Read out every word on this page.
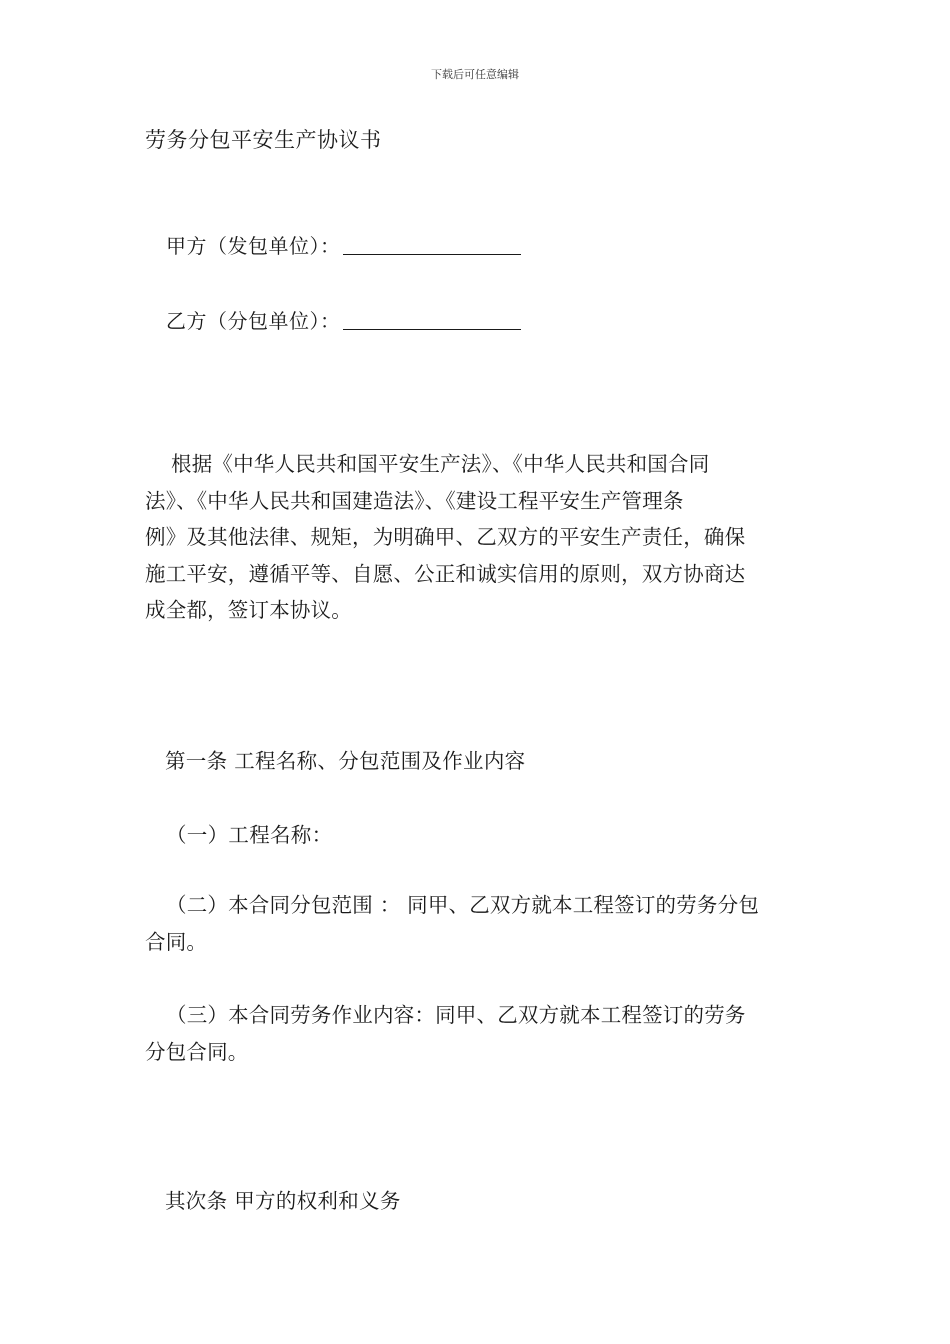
下载后可任意编辑
劳务分包平安生产协议书
甲方（发包单位）：
乙方（分包单位）：
根据《中华人民共和国平安生产法》、《中华人民共和国合同
法》、《中华人民共和国建造法》、《建设工程平安生产管理条
例》及其他法律、规矩，为明确甲、乙双方的平安生产责任，确保
施工平安，遵循平等、自愿、公正和诚实信用的原则，双方协商达
成全都，签订本协议。
第一条 工程名称、分包范围及作业内容
（一）工程名称：
（二）本合同分包范围 ： 同甲、乙双方就本工程签订的劳务分包
合同。
（三）本合同劳务作业内容：同甲、乙双方就本工程签订的劳务
分包合同。
其次条 甲方的权利和义务
